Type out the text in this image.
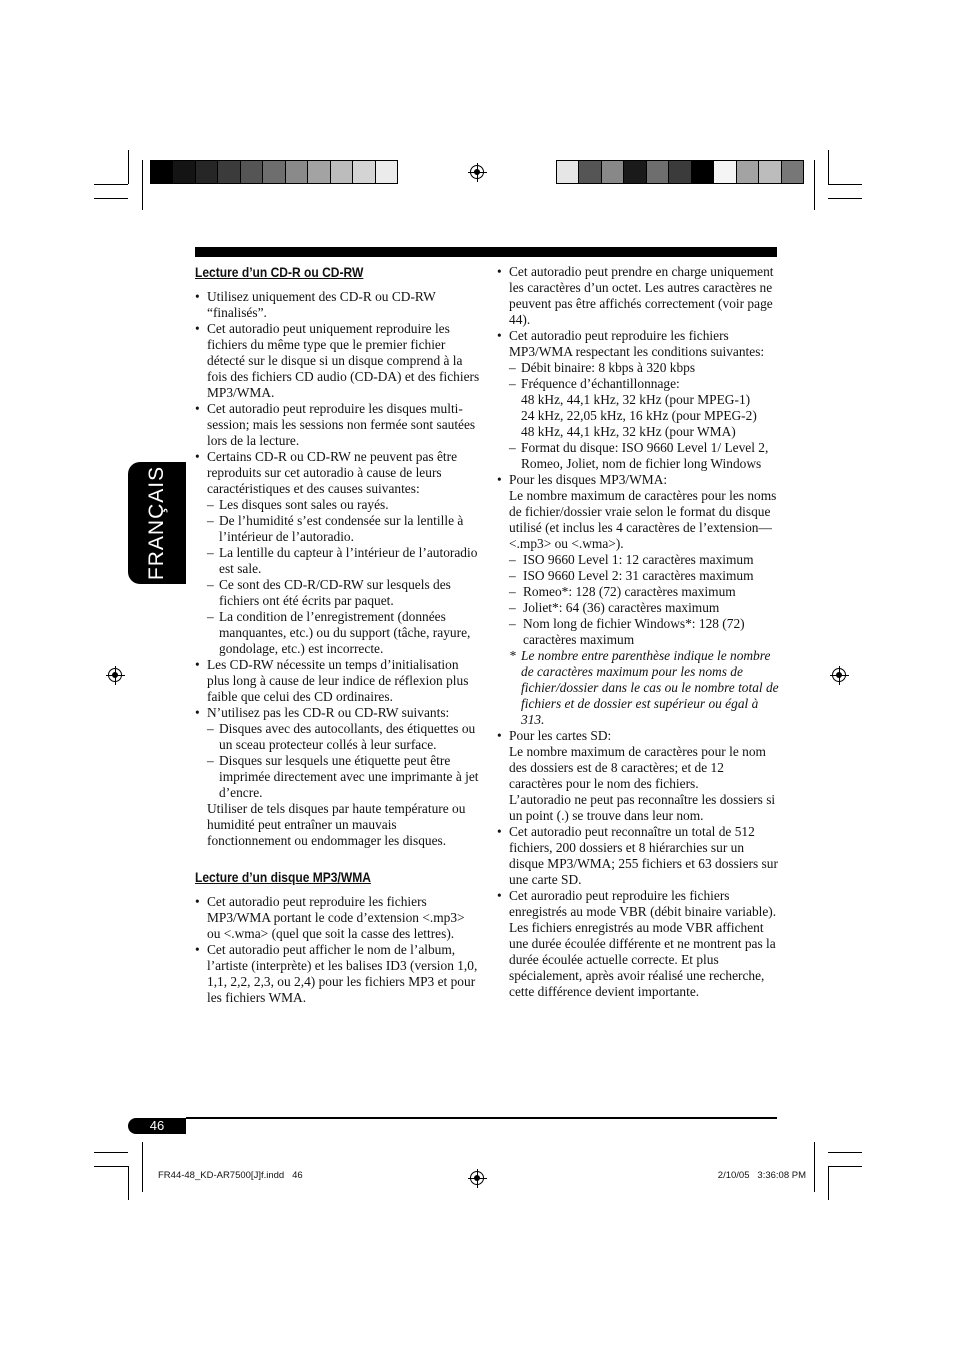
FRANÇAIS
Lecture d’un CD-R ou CD-RW
• Utilisez uniquement des CD-R ou CD-RW “finalisés”.
• Cet autoradio peut uniquement reproduire les fichiers du même type que le premier fichier détecté sur le disque si un disque comprend à la fois des fichiers CD audio (CD-DA) et des fichiers MP3/WMA.
• Cet autoradio peut reproduire les disques multi-session; mais les sessions non fermée sont sautées lors de la lecture.
• Certains CD-R ou CD-RW ne peuvent pas être reproduits sur cet autoradio à cause de leurs caractéristiques et des causes suivantes:
– Les disques sont sales ou rayés.
– De l’humidité s’est condensée sur la lentille à l’intérieur de l’autoradio.
– La lentille du capteur à l’intérieur de l’autoradio est sale.
– Ce sont des CD-R/CD-RW sur lesquels des fichiers ont été écrits par paquet.
– La condition de l’enregistrement (données manquantes, etc.) ou du support (tâche, rayure, gondolage, etc.) est incorrecte.
• Les CD-RW nécessite un temps d’initialisation plus long à cause de leur indice de réflexion plus faible que celui des CD ordinaires.
• N’utilisez pas les CD-R ou CD-RW suivants:
– Disques avec des autocollants, des étiquettes ou un sceau protecteur collés à leur surface.
– Disques sur lesquels une étiquette peut être imprimée directement avec une imprimante à jet d’encre.
Utiliser de tels disques par haute température ou humidité peut entraîner un mauvais fonctionnement ou endommager les disques.
Lecture d’un disque MP3/WMA
• Cet autoradio peut reproduire les fichiers MP3/WMA portant le code d’extension <.mp3> ou <.wma> (quel que soit la casse des lettres).
• Cet autoradio peut afficher le nom de l’album, l’artiste (interprète) et les balises ID3 (version 1,0, 1,1, 2,2, 2,3, ou 2,4) pour les fichiers MP3 et pour les fichiers WMA.
• Cet autoradio peut prendre en charge uniquement les caractères d’un octet. Les autres caractères ne peuvent pas être affichés correctement (voir page 44).
• Cet autoradio peut reproduire les fichiers MP3/WMA respectant les conditions suivantes:
– Débit binaire: 8 kbps à 320 kbps
– Fréquence d’échantillonnage:
48 kHz, 44,1 kHz, 32 kHz (pour MPEG-1)
24 kHz, 22,05 kHz, 16 kHz (pour MPEG-2)
48 kHz, 44,1 kHz, 32 kHz (pour WMA)
– Format du disque: ISO 9660 Level 1/ Level 2, Romeo, Joliet, nom de fichier long Windows
• Pour les disques MP3/WMA:
Le nombre maximum de caractères pour les noms de fichier/dossier vraie selon le format du disque utilisé (et inclus les 4 caractères de l’extension—<.mp3> ou <.wma>).
– ISO 9660 Level 1: 12 caractères maximum
– ISO 9660 Level 2: 31 caractères maximum
– Romeo*: 128 (72) caractères maximum
– Joliet*: 64 (36) caractères maximum
– Nom long de fichier Windows*: 128 (72) caractères maximum
* Le nombre entre parenthèse indique le nombre de caractères maximum pour les noms de fichier/dossier dans le cas ou le nombre total de fichiers et de dossier est supérieur ou égal à 313.
• Pour les cartes SD:
Le nombre maximum de caractères pour le nom des dossiers est de 8 caractères; et de 12 caractères pour le nom des fichiers.
L’autoradio ne peut pas reconnaître les dossiers si un point (.) se trouve dans leur nom.
• Cet autoradio peut reconnaître un total de 512 fichiers, 200 dossiers et 8 hiérarchies sur un disque MP3/WMA; 255 fichiers et 63 dossiers sur une carte SD.
• Cet auroradio peut reproduire les fichiers enregistrés au mode VBR (débit binaire variable).
Les fichiers enregistrés au mode VBR affichent une durée écoulée différente et ne montrent pas la durée écoulée actuelle correcte. Et plus spécialement, après avoir réalisé une recherche, cette différence devient importante.
46
FR44-48_KD-AR7500[J]f.indd   46	2/10/05   3:36:08 PM
